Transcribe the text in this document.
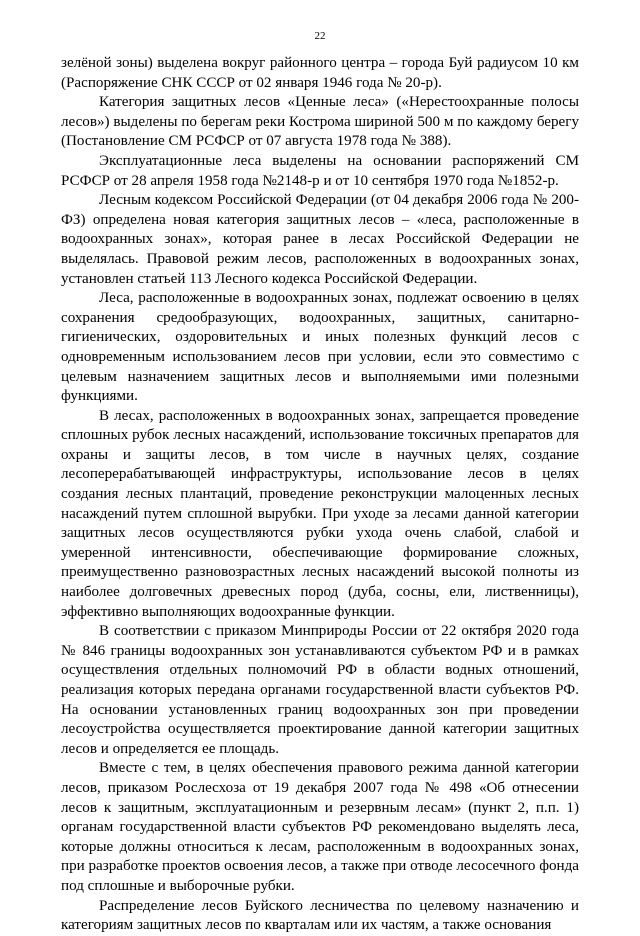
22

зелёной зоны) выделена вокруг районного центра – города Буй радиусом 10 км (Распоряжение СНК СССР от 02 января 1946 года № 20-р).

Категория защитных лесов «Ценные леса» («Нерестоохранные полосы лесов») выделены по берегам реки Кострома шириной 500 м по каждому берегу (Постановление СМ РСФСР от 07 августа 1978 года № 388).

Эксплуатационные леса выделены на основании распоряжений СМ РСФСР от 28 апреля 1958 года №2148-р и от 10 сентября 1970 года №1852-р.

Лесным кодексом Российской Федерации (от 04 декабря 2006 года № 200-ФЗ) определена новая категория защитных лесов – «леса, расположенные в водоохранных зонах», которая ранее в лесах Российской Федерации не выделялась. Правовой режим лесов, расположенных в водоохранных зонах, установлен статьей 113 Лесного кодекса Российской Федерации.

Леса, расположенные в водоохранных зонах, подлежат освоению в целях сохранения средообразующих, водоохранных, защитных, санитарно-гигиенических, оздоровительных и иных полезных функций лесов с одновременным использованием лесов при условии, если это совместимо с целевым назначением защитных лесов и выполняемыми ими полезными функциями.

В лесах, расположенных в водоохранных зонах, запрещается проведение сплошных рубок лесных насаждений, использование токсичных препаратов для охраны и защиты лесов, в том числе в научных целях, создание лесоперерабатывающей инфраструктуры, использование лесов в целях создания лесных плантаций, проведение реконструкции малоценных лесных насаждений путем сплошной вырубки. При уходе за лесами данной категории защитных лесов осуществляются рубки ухода очень слабой, слабой и умеренной интенсивности, обеспечивающие формирование сложных, преимущественно разновозрастных лесных насаждений высокой полноты из наиболее долговечных древесных пород (дуба, сосны, ели, лиственницы), эффективно выполняющих водоохранные функции.

В соответствии с приказом Минприроды России от 22 октября 2020 года № 846 границы водоохранных зон устанавливаются субъектом РФ и в рамках осуществления отдельных полномочий РФ в области водных отношений, реализация которых передана органами государственной власти субъектов РФ. На основании установленных границ водоохранных зон при проведении лесоустройства осуществляется проектирование данной категории защитных лесов и определяется ее площадь.

Вместе с тем, в целях обеспечения правового режима данной категории лесов, приказом Рослесхоза от 19 декабря 2007 года № 498 «Об отнесении лесов к защитным, эксплуатационным и резервным лесам» (пункт 2, п.п. 1) органам государственной власти субъектов РФ рекомендовано выделять леса, которые должны относиться к лесам, расположенным в водоохранных зонах, при разработке проектов освоения лесов, а также при отводе лесосечного фонда под сплошные и выборочные рубки.

Распределение лесов Буйского лесничества по целевому назначению и категориям защитных лесов по кварталам или их частям, а также основания
